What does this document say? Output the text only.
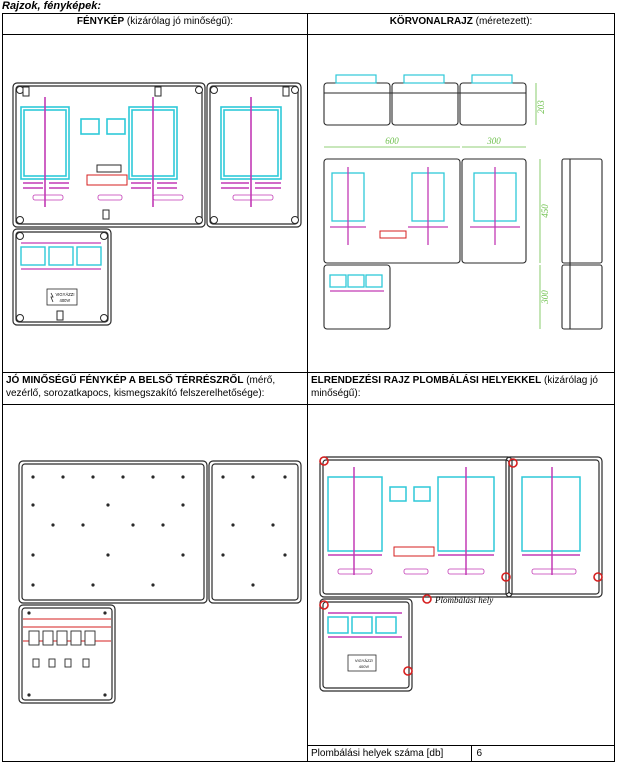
Rajzok, fényképek:
FÉNYKÉP (kizárólag jó minőségű):	KÖRVONALRAJZ (méretezett):

VIGYÁZZ!
400V!

203
600	300
450
300

JÓ MINŐSÉGŰ FÉNYKÉP A BELSŐ TÉRRÉSZRŐL (mérő, vezérlő, sorozatkapocs, kismegszakító felszerelhetősége):	ELRENDEZÉSI RAJZ PLOMBÁLÁSI HELYEKKEL (kizárólag jó minőségű):

VIGYÁZZ!
400V!
Plombálási hely

Plombálási helyek száma [db]	6
